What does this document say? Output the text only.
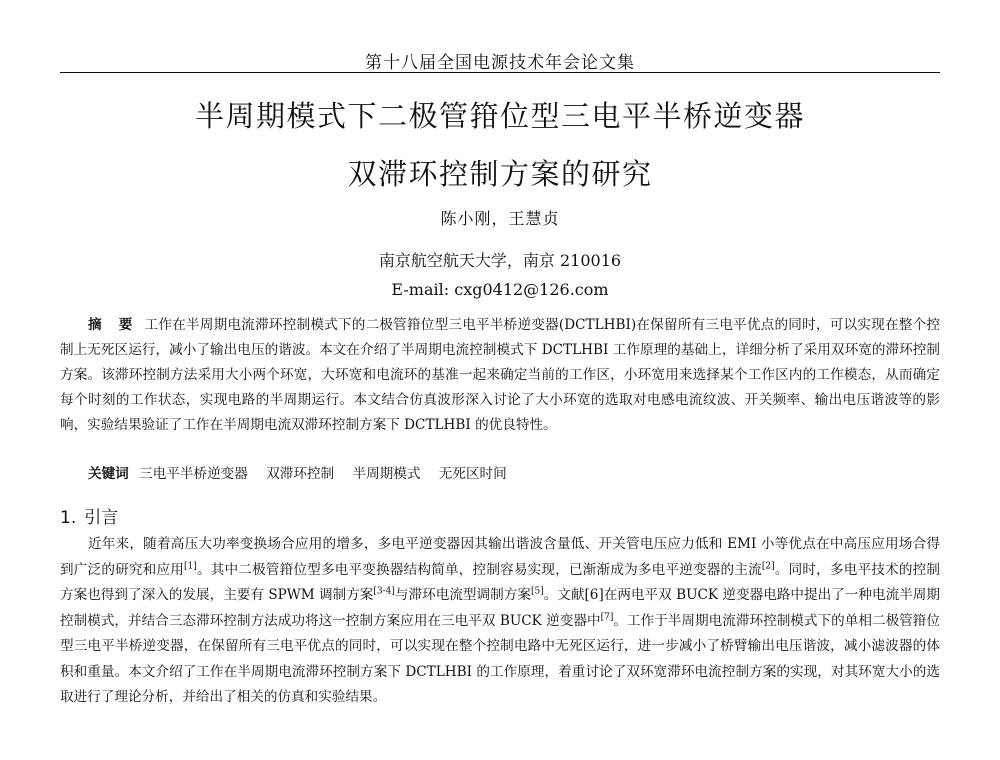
第十八届全国电源技术年会论文集
半周期模式下二极管箝位型三电平半桥逆变器
双滞环控制方案的研究
陈小刚，王慧贞
南京航空航天大学，南京 210016
E-mail: cxg0412@126.com
摘 要 工作在半周期电流滞环控制模式下的二极管箝位型三电平半桥逆变器(DCTLHBI)在保留所有三电平优点的同时，可以实现在整个控制上无死区运行，减小了输出电压的谐波。本文在介绍了半周期电流控制模式下 DCTLHBI 工作原理的基础上，详细分析了采用双环宽的滞环控制方案。该滞环控制方法采用大小两个环宽，大环宽和电流环的基准一起来确定当前的工作区，小环宽用来选择某个工作区内的工作模态，从而确定每个时刻的工作状态，实现电路的半周期运行。本文结合仿真波形深入讨论了大小环宽的选取对电感电流纹波、开关频率、输出电压谐波等的影响，实验结果验证了工作在半周期电流双滞环控制方案下 DCTLHBI 的优良特性。
关键词 三电平半桥逆变器 双滞环控制 半周期模式 无死区时间
1. 引言
近年来，随着高压大功率变换场合应用的增多，多电平逆变器因其输出谐波含量低、开关管电压应力低和 EMI 小等优点在中高压应用场合得到广泛的研究和应用[1]。其中二极管箝位型多电平变换器结构简单，控制容易实现，已渐渐成为多电平逆变器的主流[2]。同时，多电平技术的控制方案也得到了深入的发展，主要有 SPWM 调制方案[3-4]与滞环电流型调制方案[5]。文献[6]在两电平双 BUCK 逆变器电路中提出了一种电流半周期控制模式，并结合三态滞环控制方法成功将这一控制方案应用在三电平双 BUCK 逆变器中[7]。工作于半周期电流滞环控制模式下的单相二极管箝位型三电平半桥逆变器，在保留所有三电平优点的同时，可以实现在整个控制电路中无死区运行，进一步减小了桥臂输出电压谐波，减小滤波器的体积和重量。本文介绍了工作在半周期电流滞环控制方案下 DCTLHBI 的工作原理，着重讨论了双环宽滞环电流控制方案的实现，对其环宽大小的选取进行了理论分析，并给出了相关的仿真和实验结果。
